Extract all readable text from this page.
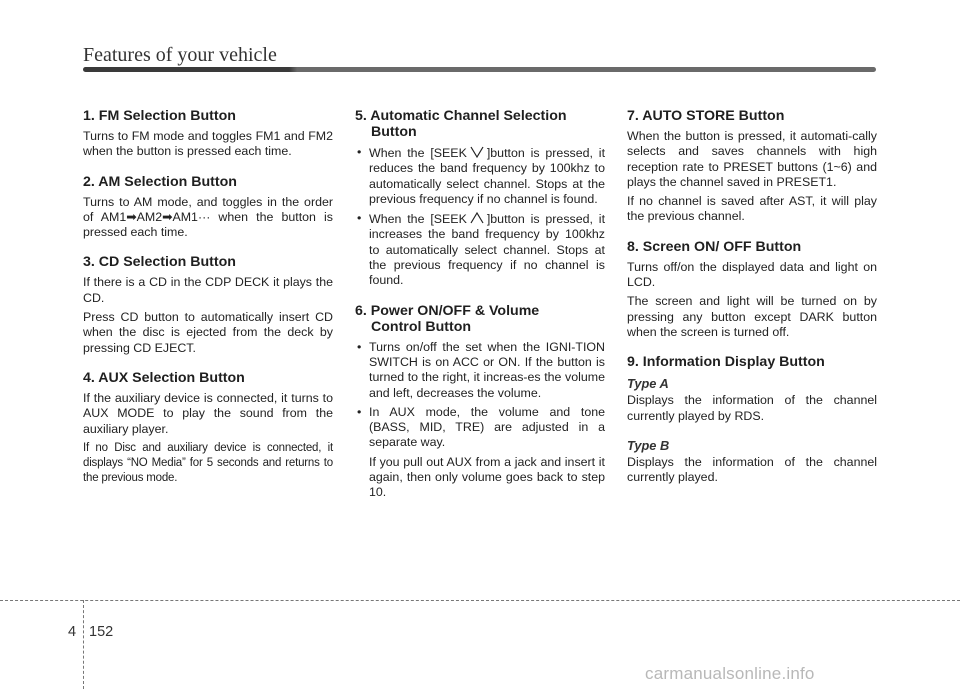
Features of your vehicle
1. FM Selection Button

Turns to FM mode and toggles FM1 and FM2 when the button is pressed each time.

2. AM Selection Button

Turns to AM mode, and toggles in the order of AM1➡AM2➡AM1··· when the button is pressed each time.

3. CD Selection Button

If there is a CD in the CDP DECK it plays the CD.

Press CD button to automatically insert CD when the disc is ejected from the deck by pressing CD EJECT.

4. AUX Selection Button

If the auxiliary device is connected, it turns to AUX MODE to play the sound from the auxiliary player.

If no Disc and auxiliary device is connected, it displays “NO Media” for 5 seconds and returns to the previous mode.

5. Automatic Channel Selection
Button
• When the [SEEK ]button is pressed, it reduces the band frequency by 100khz to automatically select channel. Stops at the previous frequency if no channel is found.
• When the [SEEK ]button is pressed, it increases the band frequency by 100khz to automatically select channel. Stops at the previous frequency if no channel is found.
6. Power ON/OFF & Volume
Control Button
• Turns on/off the set when the IGNI-TION SWITCH is on ACC or ON. If the button is turned to the right, it increas-es the volume and left, decreases the volume.
• In AUX mode, the volume and tone (BASS, MID, TRE) are adjusted in a separate way.
If you pull out AUX from a jack and insert it again, then only volume goes back to step 10.
7. AUTO STORE Button

When the button is pressed, it automati-cally selects and saves channels with high reception rate to PRESET buttons (1~6) and plays the channel saved in PRESET1.

If no channel is saved after AST, it will play the previous channel.

8. Screen ON/ OFF Button

Turns off/on the displayed data and light on LCD.

The screen and light will be turned on by pressing any button except DARK button when the screen is turned off.

9. Information Display Button
Type A

Displays the information of the channel currently played by RDS.

Type B

Displays the information of the channel currently played.

4 152
carmanualsonline.info
